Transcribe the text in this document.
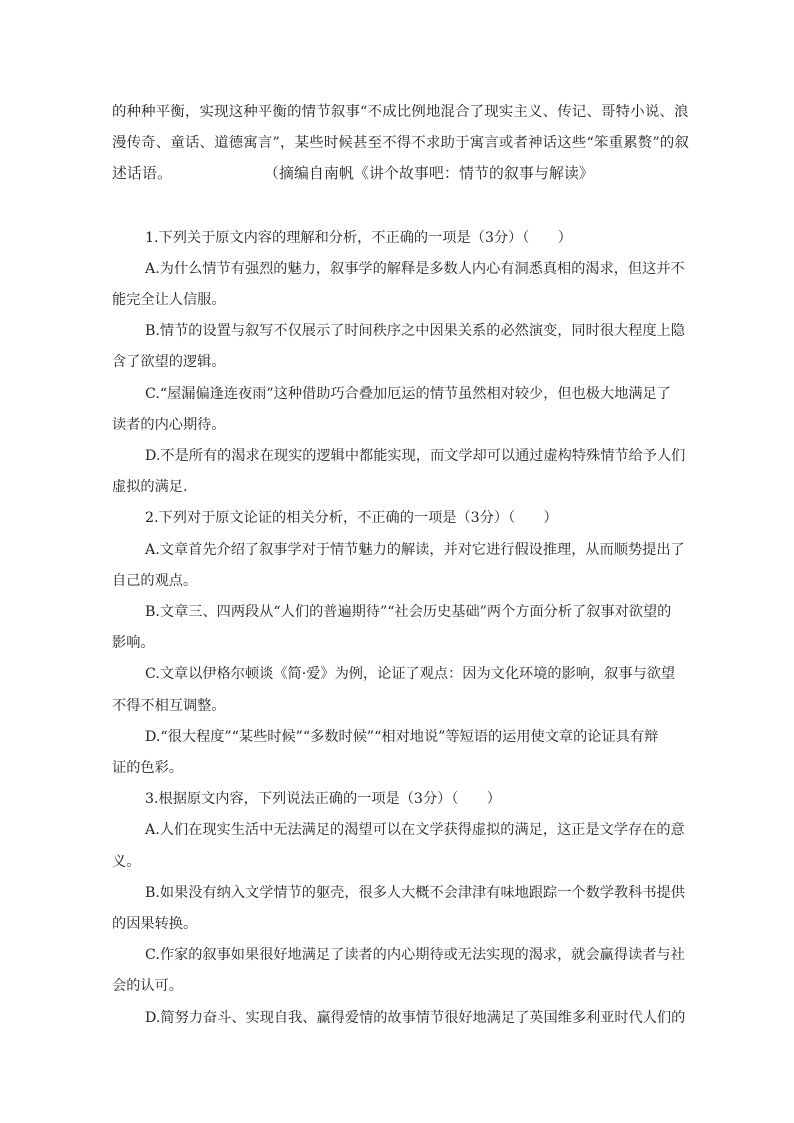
的种种平衡，实现这种平衡的情节叙事“不成比例地混合了现实主义、传记、哥特小说、浪
漫传奇、童话、道德寓言”，某些时候甚至不得不求助于寓言或者神话这些“笨重累赘”的叙
述话语。	（摘编自南帆《讲个故事吧：情节的叙事与解读》
1.下列关于原文内容的理解和分析，不正确的一项是（3分）（　　）
A.为什么情节有强烈的魅力，叙事学的解释是多数人内心有洞悉真相的渴求，但这并不
能完全让人信服。
B.情节的设置与叙写不仅展示了时间秩序之中因果关系的必然演变，同时很大程度上隐
含了欲望的逻辑。
C.“屋漏偏逢连夜雨”这种借助巧合叠加厄运的情节虽然相对较少，但也极大地满足了
读者的内心期待。
D.不是所有的渴求在现实的逻辑中都能实现，而文学却可以通过虚构特殊情节给予人们
虚拟的满足.
2.下列对于原文论证的相关分析，不正确的一项是（3分）（　　）
A.文章首先介绍了叙事学对于情节魅力的解读，并对它进行假设推理，从而顺势提出了
自己的观点。
B.文章三、四两段从“人们的普遍期待”“社会历史基础”两个方面分析了叙事对欲望的
影响。
C.文章以伊格尔顿谈《简·爱》为例，论证了观点：因为文化环境的影响，叙事与欲望
不得不相互调整。
D.“很大程度”“某些时候”“多数时候”“相对地说”等短语的运用使文章的论证具有辩
证的色彩。
3.根据原文内容，下列说法正确的一项是（3分）（　　）
A.人们在现实生活中无法满足的渴望可以在文学获得虚拟的满足，这正是文学存在的意
义。
B.如果没有纳入文学情节的躯壳，很多人大概不会津津有味地跟踪一个数学教科书提供
的因果转换。
C.作家的叙事如果很好地满足了读者的内心期待或无法实现的渴求，就会赢得读者与社
会的认可。
D.简努力奋斗、实现自我、赢得爱情的故事情节很好地满足了英国维多利亚时代人们的
